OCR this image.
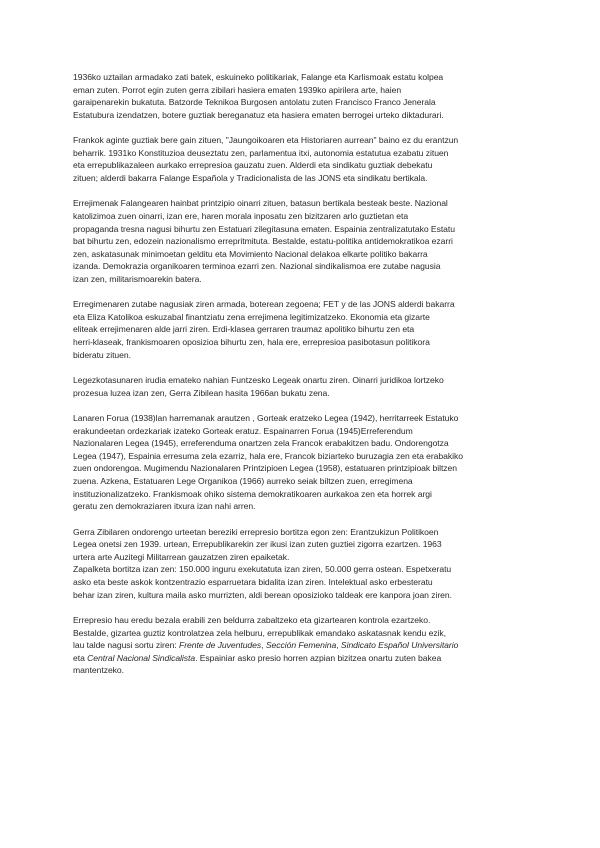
1936ko uztailan armadako zati batek, eskuineko politikariak, Falange eta Karlismoak estatu kolpea
eman zuten. Porrot egin zuten gerra zibilari hasiera ematen 1939ko apirilera arte, haien
garaipenarekin bukatuta. Batzorde Teknikoa Burgosen antolatu zuten Francisco Franco Jenerala
Estatubura izendatzen, botere guztiak bereganatuz eta hasiera ematen berrogei urteko diktadurari.

Frankok aginte guztiak bere gain zituen, "Jaungoikoaren eta Historiaren aurrean" baino ez du erantzun
beharrik. 1931ko Konstituzioa deuseztatu zen, parlamentua itxi, autonomia estatutua ezabatu zituen
eta errepublikazaleen aurkako errepresioa gauzatu zuen. Alderdi eta sindikatu guztiak debekatu
zituen; alderdi bakarra Falange Española y Tradicionalista de las JONS eta sindikatu bertikala.

Errejimenak Falangearen hainbat printzipio oinarri zituen, batasun bertikala besteak beste. Nazional
katolizimoa zuen oinarri, izan ere, haren morala inposatu zen bizitzaren arlo guztietan eta
propaganda tresna nagusi bihurtu zen Estatuari zilegitasuna ematen. Espainia zentralizatutako Estatu
bat bihurtu zen, edozein nazionalismo errepritmituta. Bestalde, estatu-politika antidemokratikoa ezarri
zen, askatasunak minimoetan gelditu eta Movimiento Nacional delakoa elkarte politiko bakarra
izanda. Demokrazia organikoaren terminoa ezarri zen. Nazional sindikalismoa ere zutabe nagusia
izan zen, militarismoarekin batera.

Erregimenaren zutabe nagusiak ziren armada, boterean zegoena; FET y de las JONS alderdi bakarra
eta Eliza Katolikoa eskuzabal finantziatu zena errejimena legitimizatzeko. Ekonomia eta gizarte
eliteak errejimenaren alde jarri ziren. Erdi-klasea gerraren traumaz apolitiko bihurtu zen eta
herri-klaseak, frankismoaren oposizioa bihurtu zen, hala ere, errepresioa pasibotasun politikora
bideratu zituen.

Legezkotasunaren irudia emateko nahian Funtzesko Legeak onartu ziren. Oinarri juridikoa lortzeko
prozesua luzea izan zen, Gerra Zibilean hasita 1966an bukatu zena.

Lanaren Forua (1938)lan harremanak arautzen , Gorteak eratzeko Legea (1942), herritarreek Estatuko
erakundeetan ordezkariak izateko Gorteak eratuz. Espainarren Forua (1945)Erreferendum
Nazionalaren Legea (1945), erreferenduma onartzen zela Francok erabakitzen badu. Ondorengotza
Legea (1947), Espainia erresuma zela ezarriz, hala ere, Francok biziarteko buruzagia zen eta erabakiko
zuen ondorengoa. Mugimendu Nazionalaren Printzipioen Legea (1958), estatuaren printzipioak biltzen
zuena. Azkena, Estatuaren Lege Organikoa (1966) aurreko seiak biltzen zuen, erregimena
instituzionalizatzeko. Frankismoak ohiko sistema demokratikoaren aurkakoa zen eta horrek argi
geratu zen demokraziaren itxura izan nahi arren.

Gerra Zibilaren ondorengo urteetan bereziki errepresio bortitza egon zen: Erantzukizun Politikoen
Legea onetsi zen 1939. urtean, Errepublikarekin zer ikusi izan zuten guztiei zigorra ezartzen. 1963
urtera arte Auzitegi Militarrean gauzatzen ziren epaiketak.
Zapalketa bortitza izan zen: 150.000 inguru exekutatuta izan ziren, 50.000 gerra ostean. Espetxeratu
asko eta beste askok kontzentrazio esparruetara bidalita izan ziren. Intelektual asko erbesteratu
behar izan ziren, kultura maila asko murrizten, aldi berean oposizioko taldeak ere kanpora joan ziren.

Errepresio hau eredu bezala erabili zen beldurra zabaltzeko eta gizartearen kontrola ezartzeko.
Bestalde, gizartea guztiz kontrolatzea zela helburu, errepublikak emandako askatasnak kendu ezik,
lau talde nagusi sortu ziren: Frente de Juventudes, Sección Femenina, Sindicato Español Universitario
eta Central Nacional Sindicalista. Espainiar asko presio horren azpian bizitzea onartu zuten bakea
mantentzeko.
